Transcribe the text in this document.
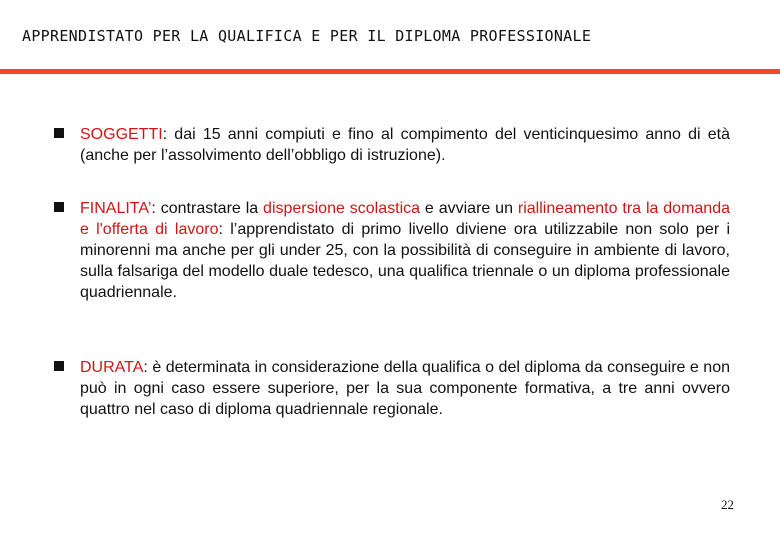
APPRENDISTATO PER LA QUALIFICA E PER IL DIPLOMA PROFESSIONALE
SOGGETTI: dai 15 anni compiuti e fino al compimento del venticinquesimo anno di età (anche per l’assolvimento dell’obbligo di istruzione).
FINALITA’: contrastare la dispersione scolastica e avviare un riallineamento tra la domanda e l'offerta di lavoro: l’apprendistato di primo livello diviene ora utilizzabile non solo per i minorenni ma anche per gli under 25, con la possibilità di conseguire in ambiente di lavoro, sulla falsariga del modello duale tedesco, una qualifica triennale o un diploma professionale quadriennale.
DURATA: è determinata in considerazione della qualifica o del diploma da conseguire e non può in ogni caso essere superiore, per la sua componente formativa, a tre anni ovvero quattro nel caso di diploma quadriennale regionale.
22
